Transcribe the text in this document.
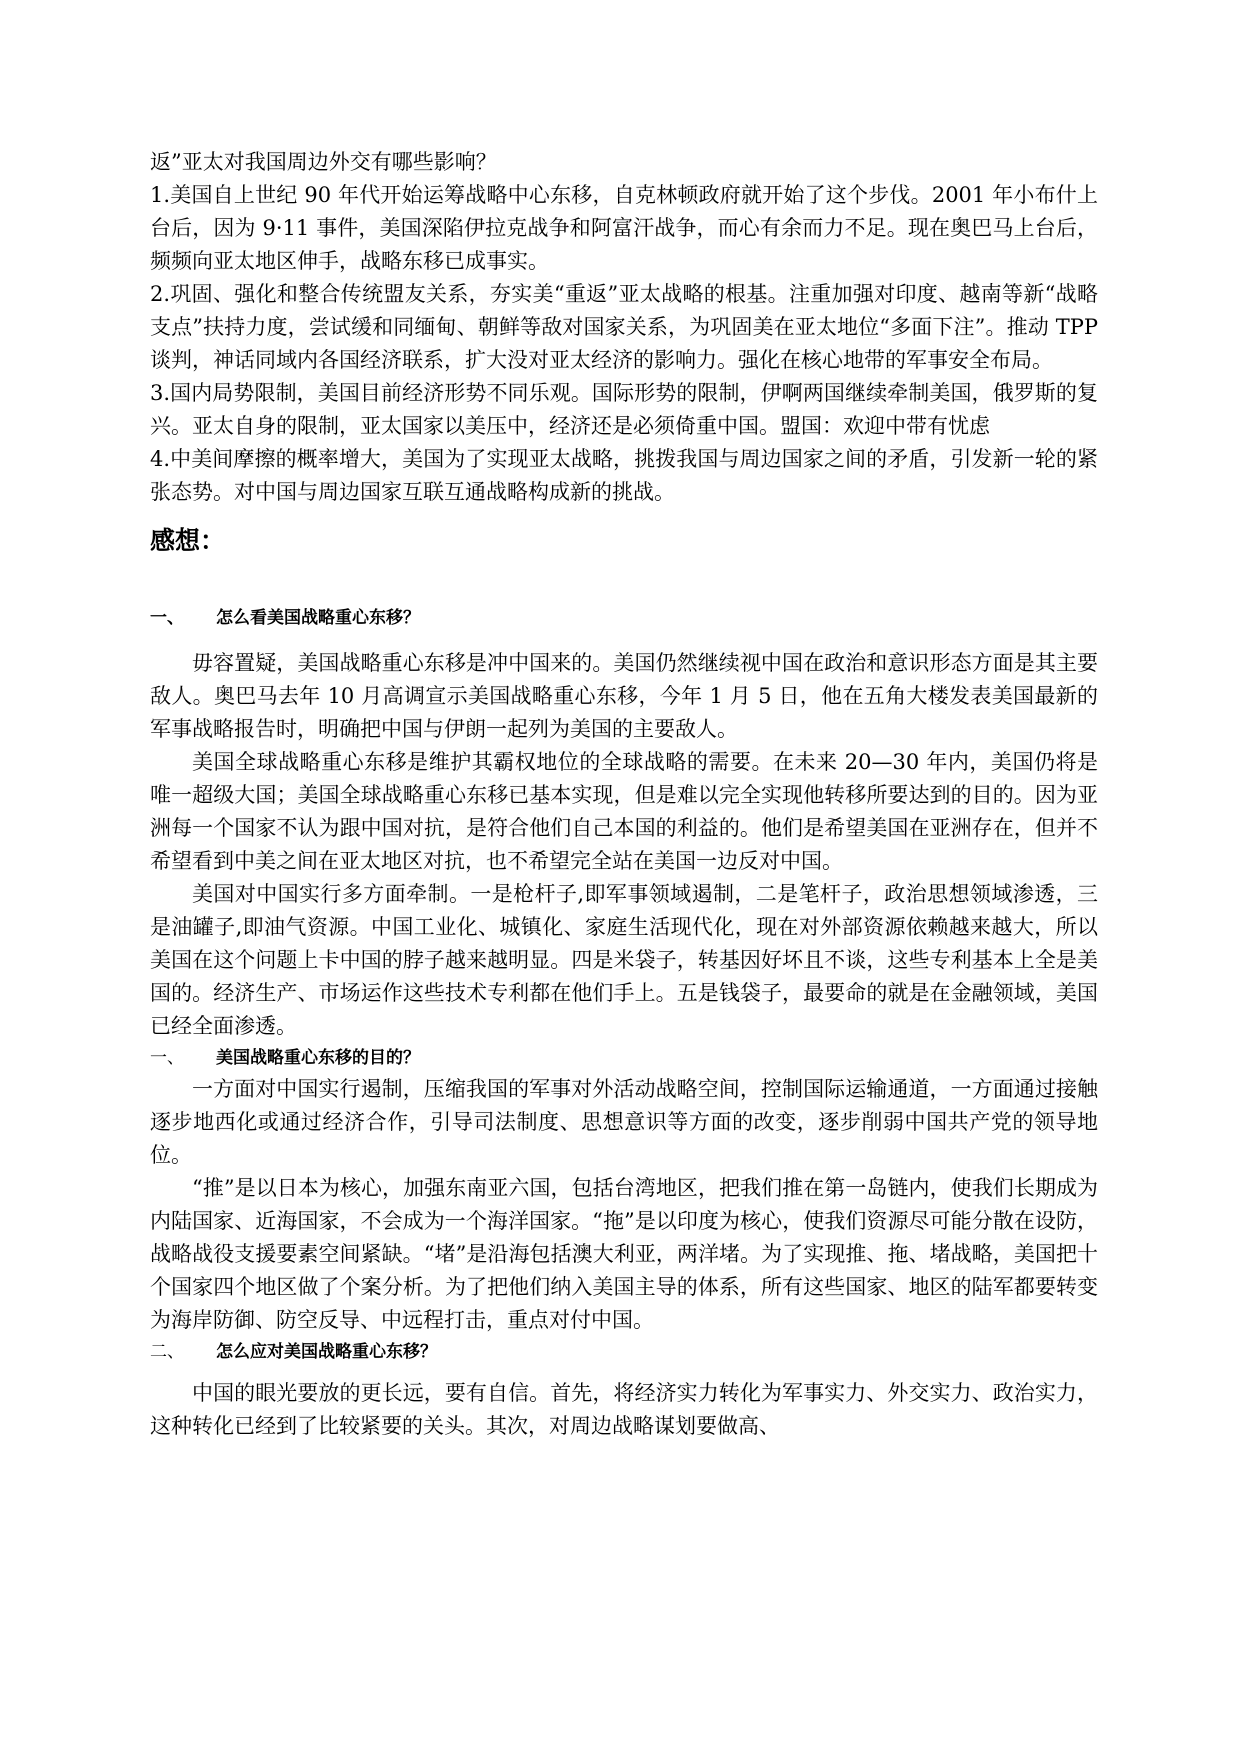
返”亚太对我国周边外交有哪些影响？

1.美国自上世纪 90 年代开始运筹战略中心东移，自克林顿政府就开始了这个步伐。2001 年小布什上台后，因为 9·11 事件，美国深陷伊拉克战争和阿富汗战争，而心有余而力不足。现在奥巴马上台后，频频向亚太地区伸手，战略东移已成事实。

2.巩固、强化和整合传统盟友关系，夯实美“重返”亚太战略的根基。注重加强对印度、越南等新“战略支点”扶持力度，尝试缓和同缅甸、朝鲜等敌对国家关系，为巩固美在亚太地位“多面下注”。推动 TPP 谈判，神话同域内各国经济联系，扩大没对亚太经济的影响力。强化在核心地带的军事安全布局。

3.国内局势限制，美国目前经济形势不同乐观。国际形势的限制，伊啊两国继续牵制美国，俄罗斯的复兴。亚太自身的限制，亚太国家以美压中，经济还是必须倚重中国。盟国：欢迎中带有忧虑

4.中美间摩擦的概率增大，美国为了实现亚太战略，挑拨我国与周边国家之间的矛盾，引发新一轮的紧张态势。对中国与周边国家互联互通战略构成新的挑战。

感想：
一、	怎么看美国战略重心东移？

毋容置疑，美国战略重心东移是冲中国来的。美国仍然继续视中国在政治和意识形态方面是其主要敌人。奥巴马去年 10 月高调宣示美国战略重心东移，今年 1 月 5 日，他在五角大楼发表美国最新的军事战略报告时，明确把中国与伊朗一起列为美国的主要敌人。

美国全球战略重心东移是维护其霸权地位的全球战略的需要。在未来 20—30 年内，美国仍将是唯一超级大国；美国全球战略重心东移已基本实现，但是难以完全实现他转移所要达到的目的。因为亚洲每一个国家不认为跟中国对抗，是符合他们自己本国的利益的。他们是希望美国在亚洲存在，但并不希望看到中美之间在亚太地区对抗，也不希望完全站在美国一边反对中国。

美国对中国实行多方面牵制。一是枪杆子,即军事领域遏制，二是笔杆子，政治思想领域渗透，三是油罐子,即油气资源。中国工业化、城镇化、家庭生活现代化，现在对外部资源依赖越来越大，所以美国在这个问题上卡中国的脖子越来越明显。四是米袋子，转基因好坏且不谈，这些专利基本上全是美国的。经济生产、市场运作这些技术专利都在他们手上。五是钱袋子，最要命的就是在金融领域，美国已经全面渗透。

一、	美国战略重心东移的目的？

一方面对中国实行遏制，压缩我国的军事对外活动战略空间，控制国际运输通道，一方面通过接触逐步地西化或通过经济合作，引导司法制度、思想意识等方面的改变，逐步削弱中国共产党的领导地位。

“推”是以日本为核心，加强东南亚六国，包括台湾地区，把我们推在第一岛链内，使我们长期成为内陆国家、近海国家，不会成为一个海洋国家。“拖”是以印度为核心，使我们资源尽可能分散在设防，战略战役支援要素空间紧缺。“堵”是沿海包括澳大利亚，两洋堵。为了实现推、拖、堵战略，美国把十个国家四个地区做了个案分析。为了把他们纳入美国主导的体系，所有这些国家、地区的陆军都要转变为海岸防御、防空反导、中远程打击，重点对付中国。

二、	怎么应对美国战略重心东移？

中国的眼光要放的更长远，要有自信。首先，将经济实力转化为军事实力、外交实力、政治实力，这种转化已经到了比较紧要的关头。其次，对周边战略谋划要做高、
